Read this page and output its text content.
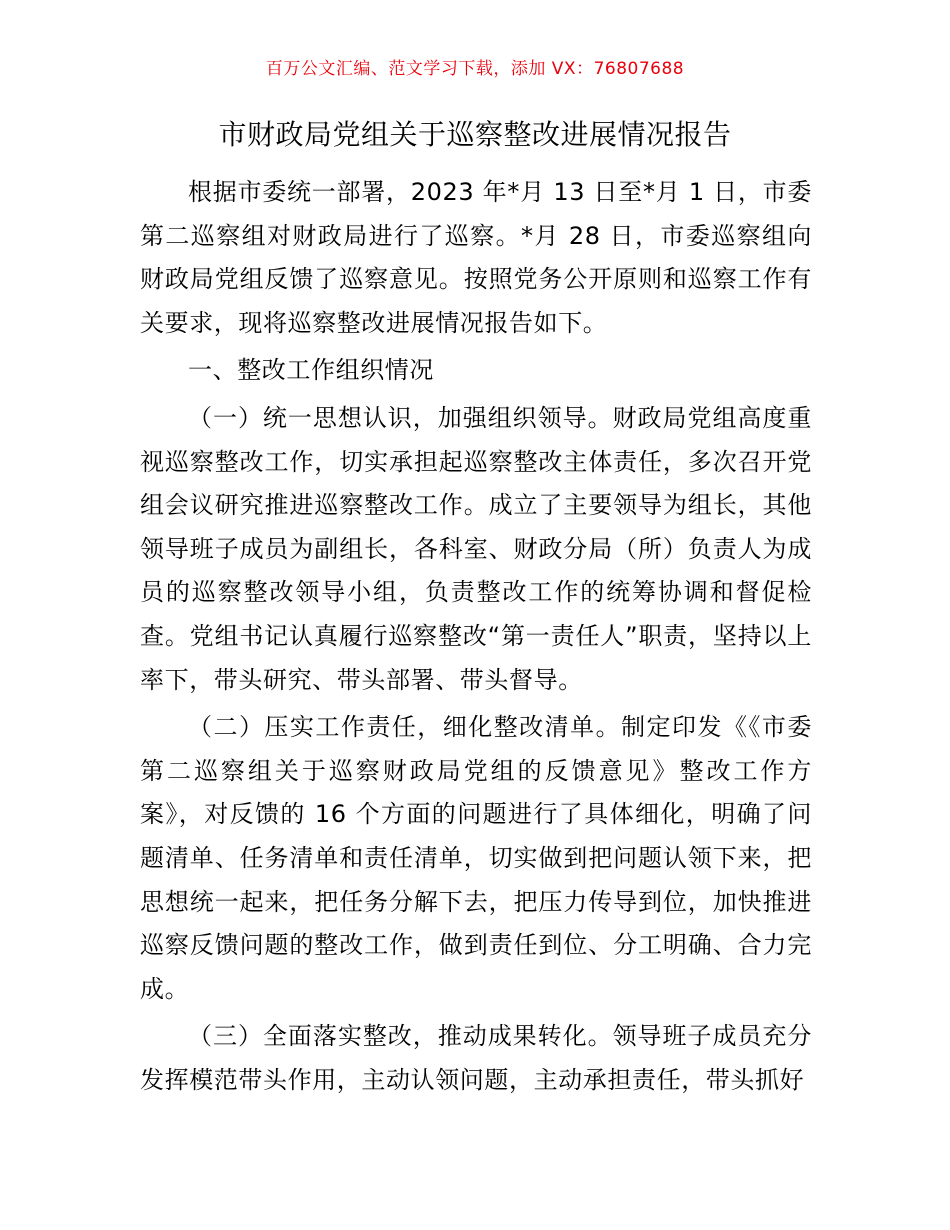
百万公文汇编、范文学习下载，添加 VX：76807688
市财政局党组关于巡察整改进展情况报告

根据市委统一部署，2023 年*月 13 日至*月 1 日，市委第二巡察组对财政局进行了巡察。*月 28 日，市委巡察组向财政局党组反馈了巡察意见。按照党务公开原则和巡察工作有关要求，现将巡察整改进展情况报告如下。

一、整改工作组织情况

（一）统一思想认识，加强组织领导。财政局党组高度重视巡察整改工作，切实承担起巡察整改主体责任，多次召开党组会议研究推进巡察整改工作。成立了主要领导为组长，其他领导班子成员为副组长，各科室、财政分局（所）负责人为成员的巡察整改领导小组，负责整改工作的统筹协调和督促检查。党组书记认真履行巡察整改“第一责任人”职责，坚持以上率下，带头研究、带头部署、带头督导。

（二）压实工作责任，细化整改清单。制定印发《《市委第二巡察组关于巡察财政局党组的反馈意见》整改工作方案》，对反馈的 16 个方面的问题进行了具体细化，明确了问题清单、任务清单和责任清单，切实做到把问题认领下来，把思想统一起来，把任务分解下去，把压力传导到位，加快推进巡察反馈问题的整改工作，做到责任到位、分工明确、合力完成。

（三）全面落实整改，推动成果转化。领导班子成员充分发挥模范带头作用，主动认领问题，主动承担责任，带头抓好
